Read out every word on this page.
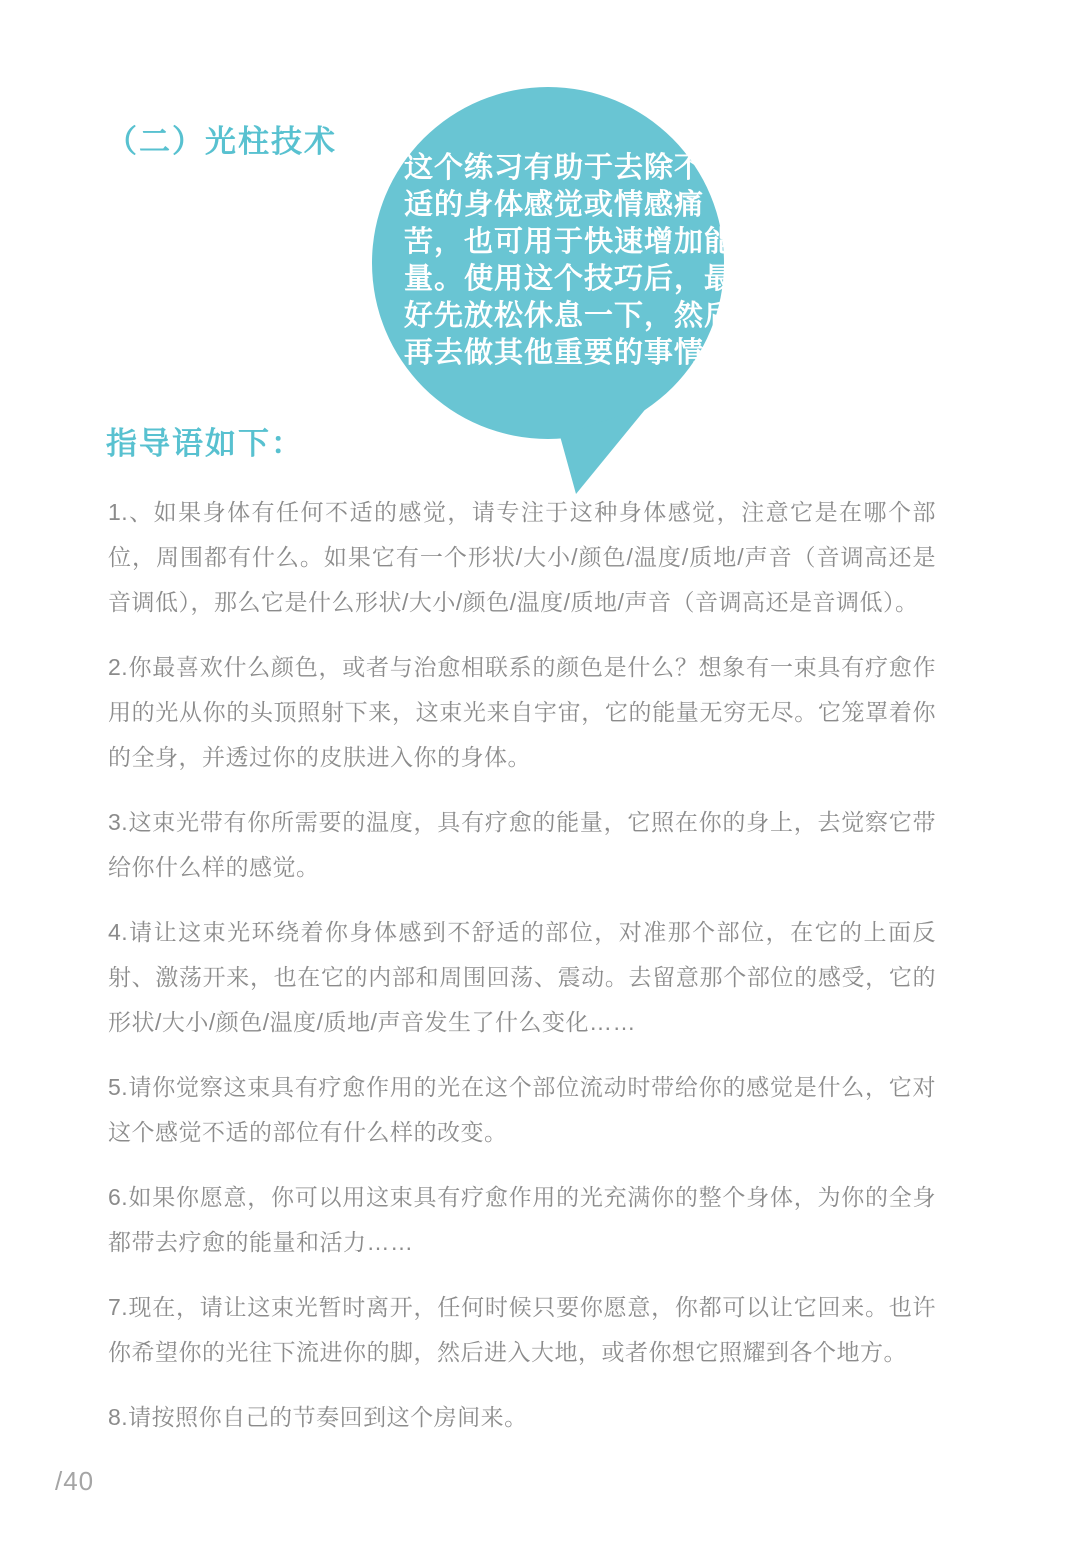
（二）光柱技术
这个练习有助于去除不
适的身体感觉或情感痛
苦，也可用于快速增加能
量。使用这个技巧后，最
好先放松休息一下，然后
再去做其他重要的事情
指导语如下：

1.、如果身体有任何不适的感觉，请专注于这种身体感觉，注意它是在哪个部位，周围都有什么。如果它有一个形状/大小/颜色/温度/质地/声音（音调高还是音调低），那么它是什么形状/大小/颜色/温度/质地/声音（音调高还是音调低）。

2.你最喜欢什么颜色，或者与治愈相联系的颜色是什么？想象有一束具有疗愈作用的光从你的头顶照射下来，这束光来自宇宙，它的能量无穷无尽。它笼罩着你的全身，并透过你的皮肤进入你的身体。

3.这束光带有你所需要的温度，具有疗愈的能量，它照在你的身上，去觉察它带给你什么样的感觉。

4.请让这束光环绕着你身体感到不舒适的部位，对准那个部位，在它的上面反射、激荡开来，也在它的内部和周围回荡、震动。去留意那个部位的感受，它的形状/大小/颜色/温度/质地/声音发生了什么变化……

5.请你觉察这束具有疗愈作用的光在这个部位流动时带给你的感觉是什么，它对这个感觉不适的部位有什么样的改变。

6.如果你愿意，你可以用这束具有疗愈作用的光充满你的整个身体，为你的全身都带去疗愈的能量和活力……

7.现在，请让这束光暂时离开，任何时候只要你愿意，你都可以让它回来。也许你希望你的光往下流进你的脚，然后进入大地，或者你想它照耀到各个地方。

8.请按照你自己的节奏回到这个房间来。

/40
